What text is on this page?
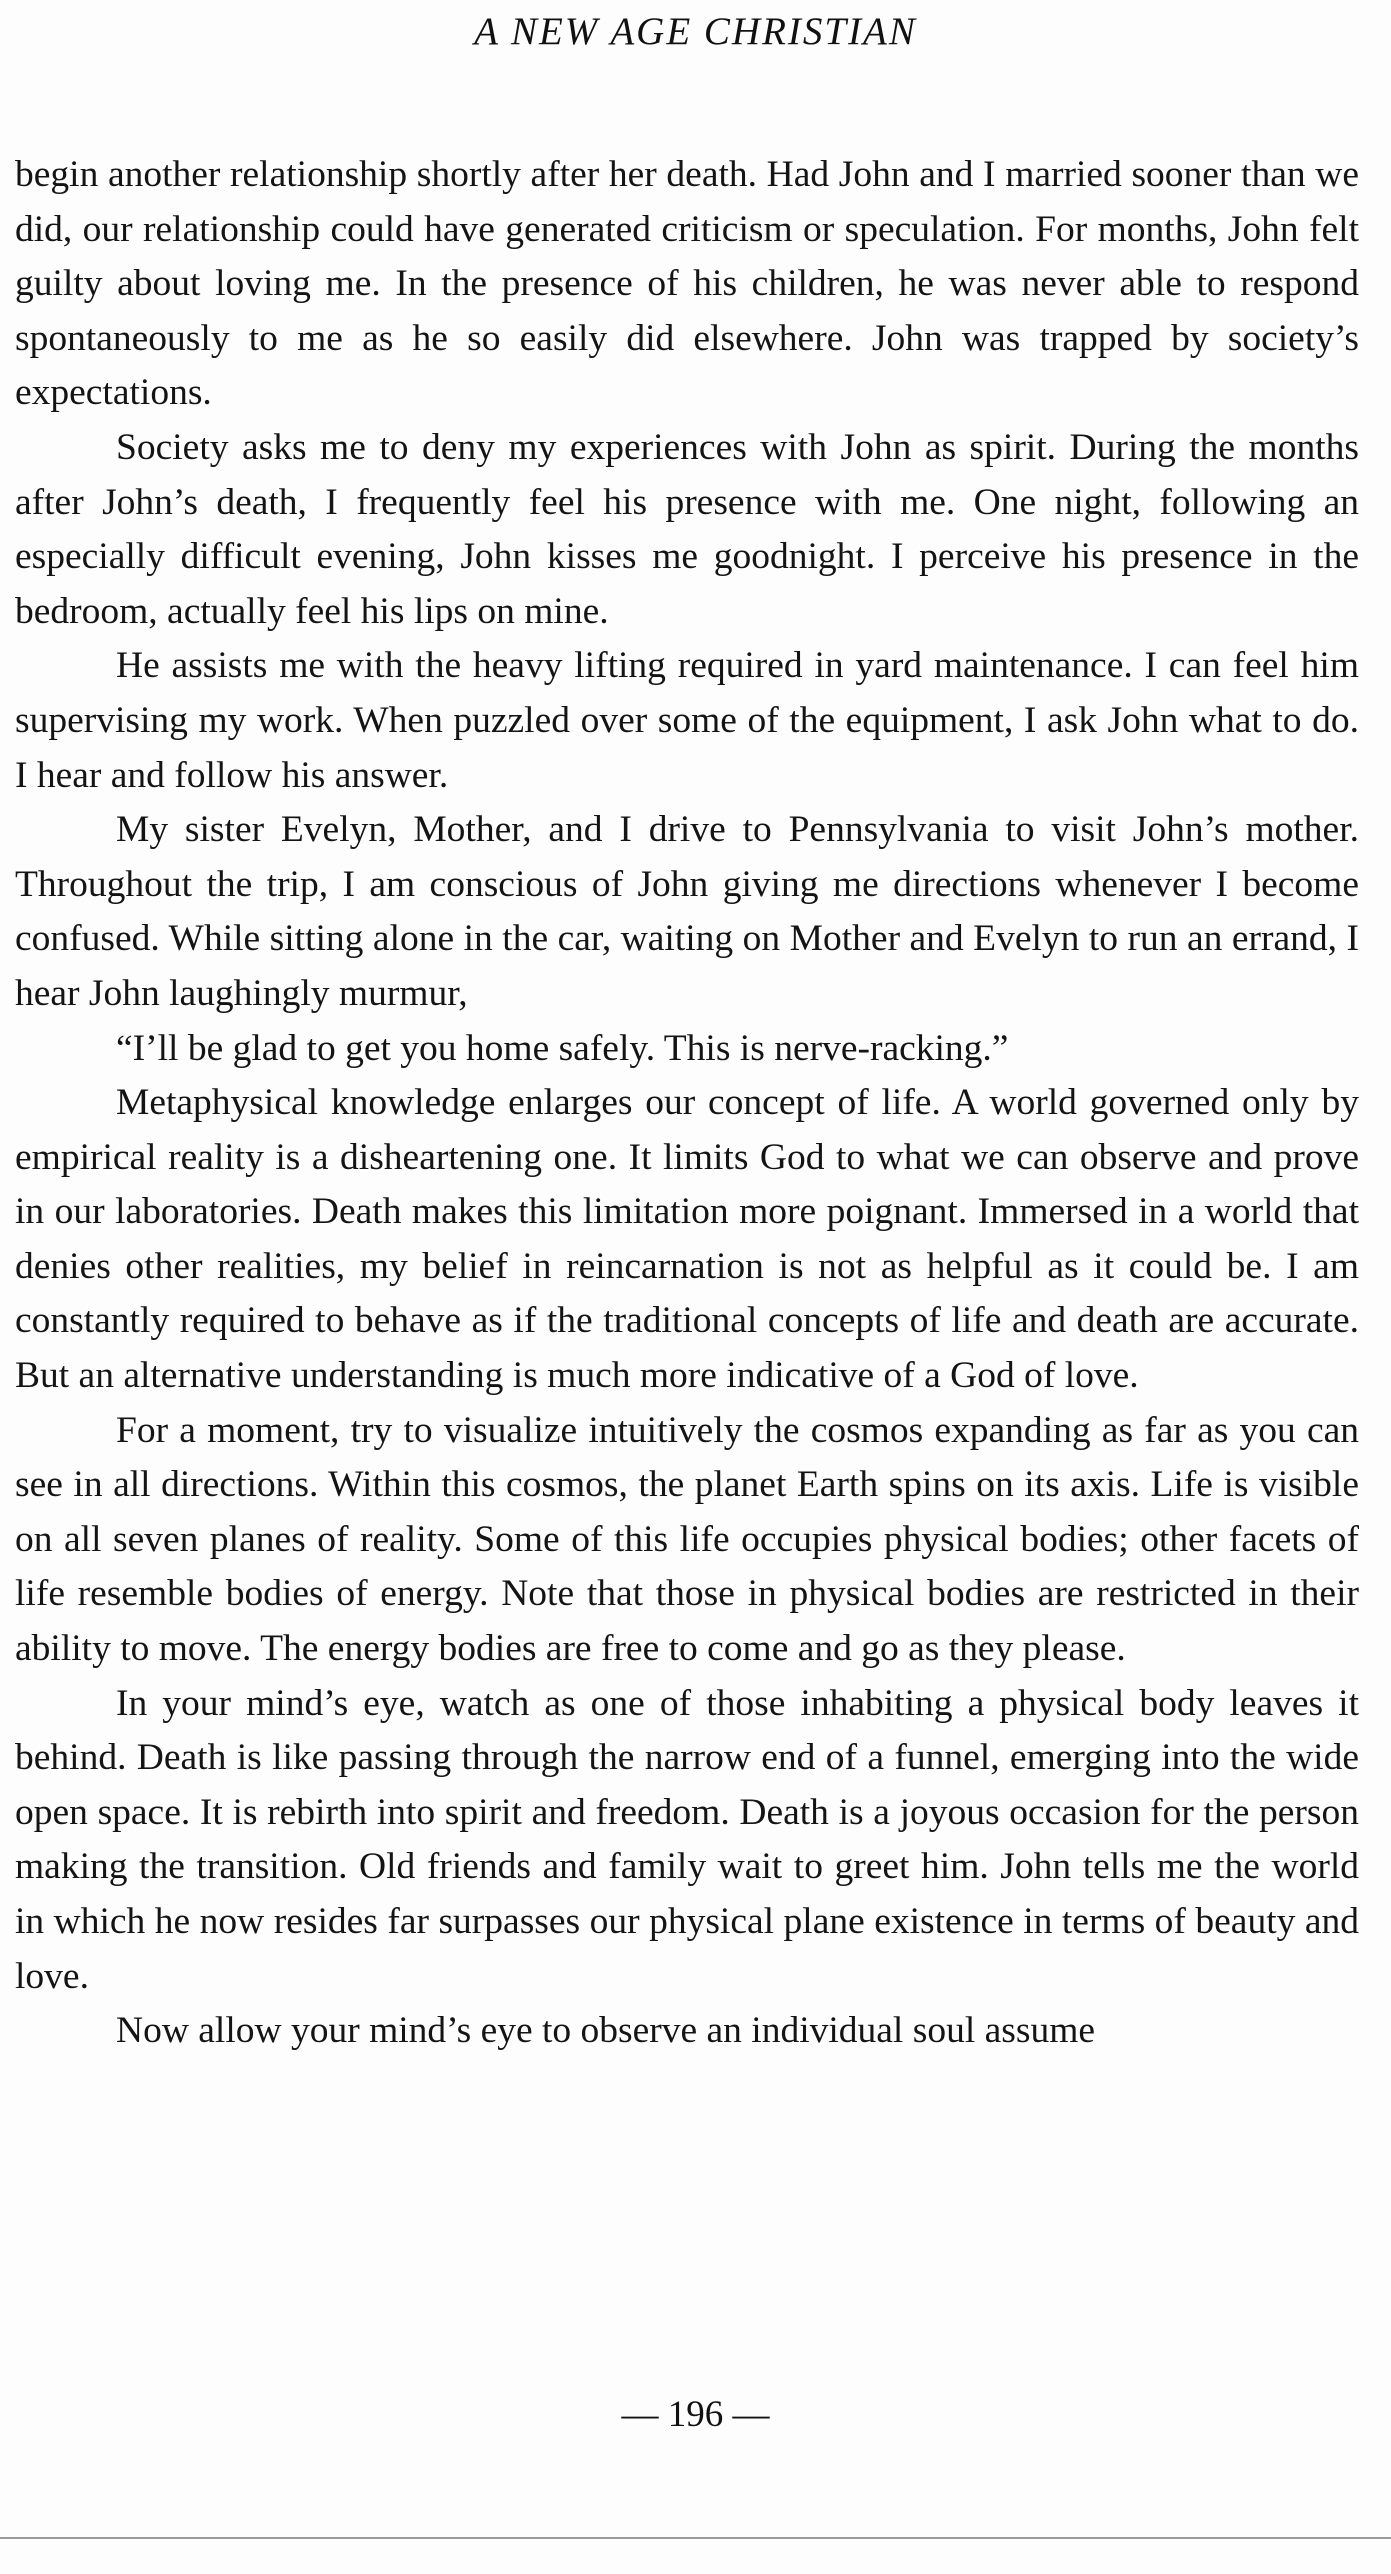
A NEW AGE CHRISTIAN

begin another relationship shortly after her death. Had John and I married sooner than we did, our relationship could have generated criticism or speculation. For months, John felt guilty about loving me. In the presence of his children, he was never able to respond spontaneously to me as he so easily did elsewhere. John was trapped by society’s expectations.

Society asks me to deny my experiences with John as spirit. During the months after John’s death, I frequently feel his presence with me. One night, following an especially difficult evening, John kisses me goodnight. I perceive his presence in the bedroom, actually feel his lips on mine.

He assists me with the heavy lifting required in yard maintenance. I can feel him supervising my work. When puzzled over some of the equipment, I ask John what to do. I hear and follow his answer.

My sister Evelyn, Mother, and I drive to Pennsylvania to visit John’s mother. Throughout the trip, I am conscious of John giving me directions whenever I become confused. While sitting alone in the car, waiting on Mother and Evelyn to run an errand, I hear John laughingly murmur,

“I’ll be glad to get you home safely. This is nerve-racking.”

Metaphysical knowledge enlarges our concept of life. A world governed only by empirical reality is a disheartening one. It limits God to what we can observe and prove in our laboratories. Death makes this limitation more poignant. Immersed in a world that denies other realities, my belief in reincarnation is not as helpful as it could be. I am constantly required to behave as if the traditional concepts of life and death are accurate. But an alternative understanding is much more indicative of a God of love.

For a moment, try to visualize intuitively the cosmos expanding as far as you can see in all directions. Within this cosmos, the planet Earth spins on its axis. Life is visible on all seven planes of reality. Some of this life occupies physical bodies; other facets of life resemble bodies of energy. Note that those in physical bodies are restricted in their ability to move. The energy bodies are free to come and go as they please.

In your mind’s eye, watch as one of those inhabiting a physical body leaves it behind. Death is like passing through the narrow end of a funnel, emerging into the wide open space. It is rebirth into spirit and freedom. Death is a joyous occasion for the person making the transition. Old friends and family wait to greet him. John tells me the world in which he now resides far surpasses our physical plane existence in terms of beauty and love.

Now allow your mind’s eye to observe an individual soul assume

— 196 —
